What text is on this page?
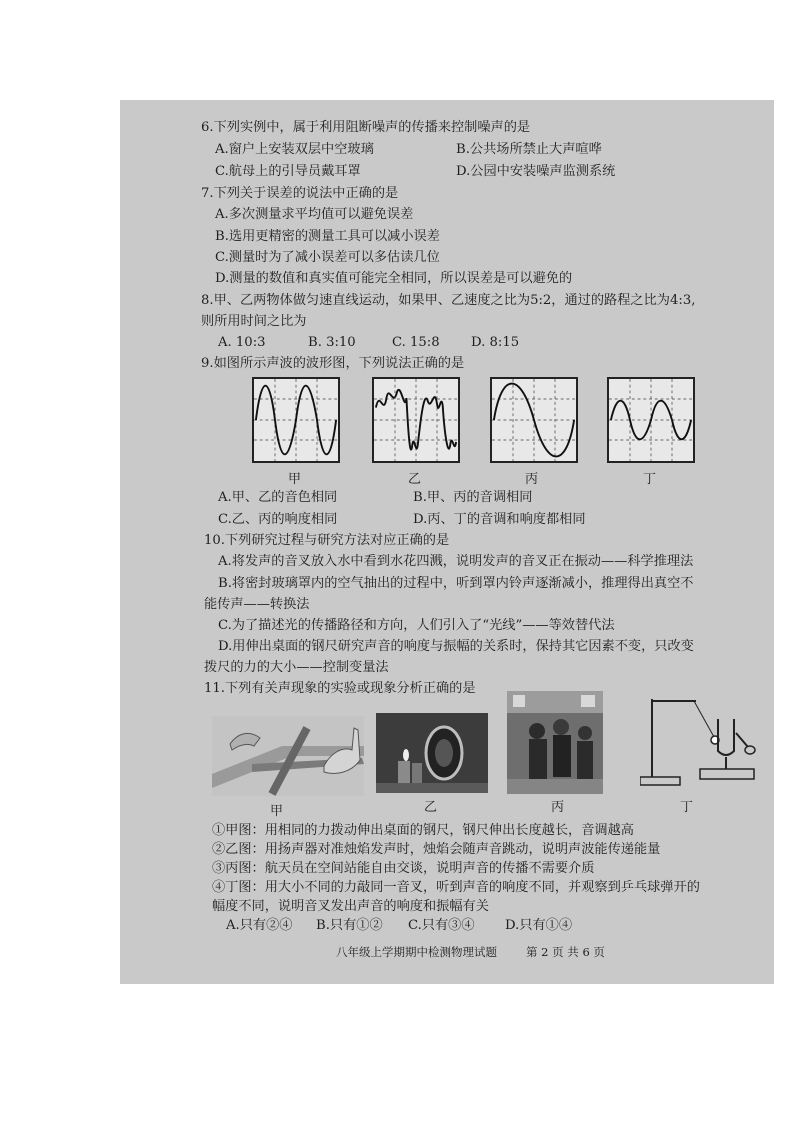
6.下列实例中，属于利用阻断噪声的传播来控制噪声的是
A.窗户上安装双层中空玻璃	B.公共场所禁止大声喧哗
C.航母上的引导员戴耳罩	D.公园中安装噪声监测系统
7.下列关于误差的说法中正确的是
A.多次测量求平均值可以避免误差
B.选用更精密的测量工具可以减小误差
C.测量时为了减小误差可以多估读几位
D.测量的数值和真实值可能完全相同，所以误差是可以避免的
8.甲、乙两物体做匀速直线运动，如果甲、乙速度之比为5:2，通过的路程之比为4:3,
则所用时间之比为
A. 10:3	B. 3:10	C. 15:8 D. 8:15
9.如图所示声波的波形图，下列说法正确的是
甲	乙	丙	丁
A.甲、乙的音色相同	B.甲、丙的音调相同
C.乙、丙的响度相同	D.丙、丁的音调和响度都相同
10.下列研究过程与研究方法对应正确的是
A.将发声的音叉放入水中看到水花四溅，说明发声的音叉正在振动——科学推理法
B.将密封玻璃罩内的空气抽出的过程中，听到罩内铃声逐渐减小，推理得出真空不
能传声——转换法
C.为了描述光的传播路径和方向，人们引入了“光线”——等效替代法
D.用伸出桌面的钢尺研究声音的响度与振幅的关系时，保持其它因素不变，只改变
拨尺的力的大小——控制变量法
11.下列有关声现象的实验或现象分析正确的是
甲	乙	丙	丁
①甲图：用相同的力拨动伸出桌面的钢尺，钢尺伸出长度越长，音调越高
②乙图：用扬声器对准烛焰发声时，烛焰会随声音跳动，说明声波能传递能量
③丙图：航天员在空间站能自由交谈，说明声音的传播不需要介质
④丁图：用大小不同的力敲同一音叉，听到声音的响度不同，并观察到乒乓球弹开的
幅度不同，说明音叉发出声音的响度和振幅有关
A.只有②④ B.只有①② C.只有③④ D.只有①④
八年级上学期期中检测物理试题	第 2 页 共 6 页
